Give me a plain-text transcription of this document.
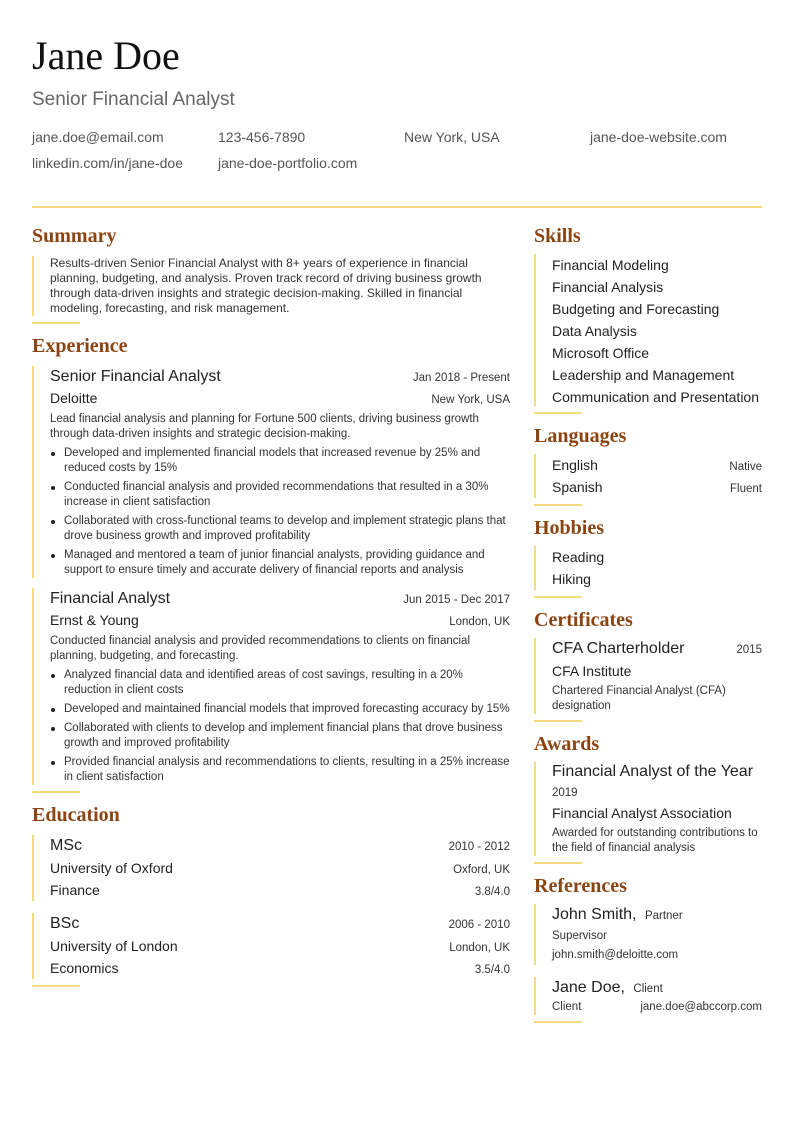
Jane Doe
Senior Financial Analyst
jane.doe@email.com	123-456-7890	New York, USA	jane-doe-website.com
linkedin.com/in/jane-doe	jane-doe-portfolio.com
Summary

Results-driven Senior Financial Analyst with 8+ years of experience in financial planning, budgeting, and analysis. Proven track record of driving business growth through data-driven insights and strategic decision-making. Skilled in financial modeling, forecasting, and risk management.

Experience
Senior Financial Analyst	Jan 2018 - Present
Deloitte	New York, USA

Lead financial analysis and planning for Fortune 500 clients, driving business growth through data-driven insights and strategic decision-making.

Developed and implemented financial models that increased revenue by 25% and reduced costs by 15%
Conducted financial analysis and provided recommendations that resulted in a 30% increase in client satisfaction
Collaborated with cross-functional teams to develop and implement strategic plans that drove business growth and improved profitability
Managed and mentored a team of junior financial analysts, providing guidance and support to ensure timely and accurate delivery of financial reports and analysis
Financial Analyst	Jun 2015 - Dec 2017
Ernst & Young	London, UK

Conducted financial analysis and provided recommendations to clients on financial planning, budgeting, and forecasting.

Analyzed financial data and identified areas of cost savings, resulting in a 20% reduction in client costs
Developed and maintained financial models that improved forecasting accuracy by 15%
Collaborated with clients to develop and implement financial plans that drove business growth and improved profitability
Provided financial analysis and recommendations to clients, resulting in a 25% increase in client satisfaction
Education
MSc	2010 - 2012
University of Oxford	Oxford, UK
Finance	3.8/4.0
BSc	2006 - 2010
University of London	London, UK
Economics	3.5/4.0
Skills
Financial Modeling
Financial Analysis
Budgeting and Forecasting
Data Analysis
Microsoft Office
Leadership and Management
Communication and Presentation
Languages
English	Native
Spanish	Fluent
Hobbies
Reading
Hiking
Certificates
CFA Charterholder	2015
CFA Institute
Chartered Financial Analyst (CFA) designation
Awards
Financial Analyst of the Year
2019
Financial Analyst Association
Awarded for outstanding contributions to the field of financial analysis
References
John Smith, Partner
Supervisor
john.smith@deloitte.com
Jane Doe, Client
Client	jane.doe@abccorp.com
